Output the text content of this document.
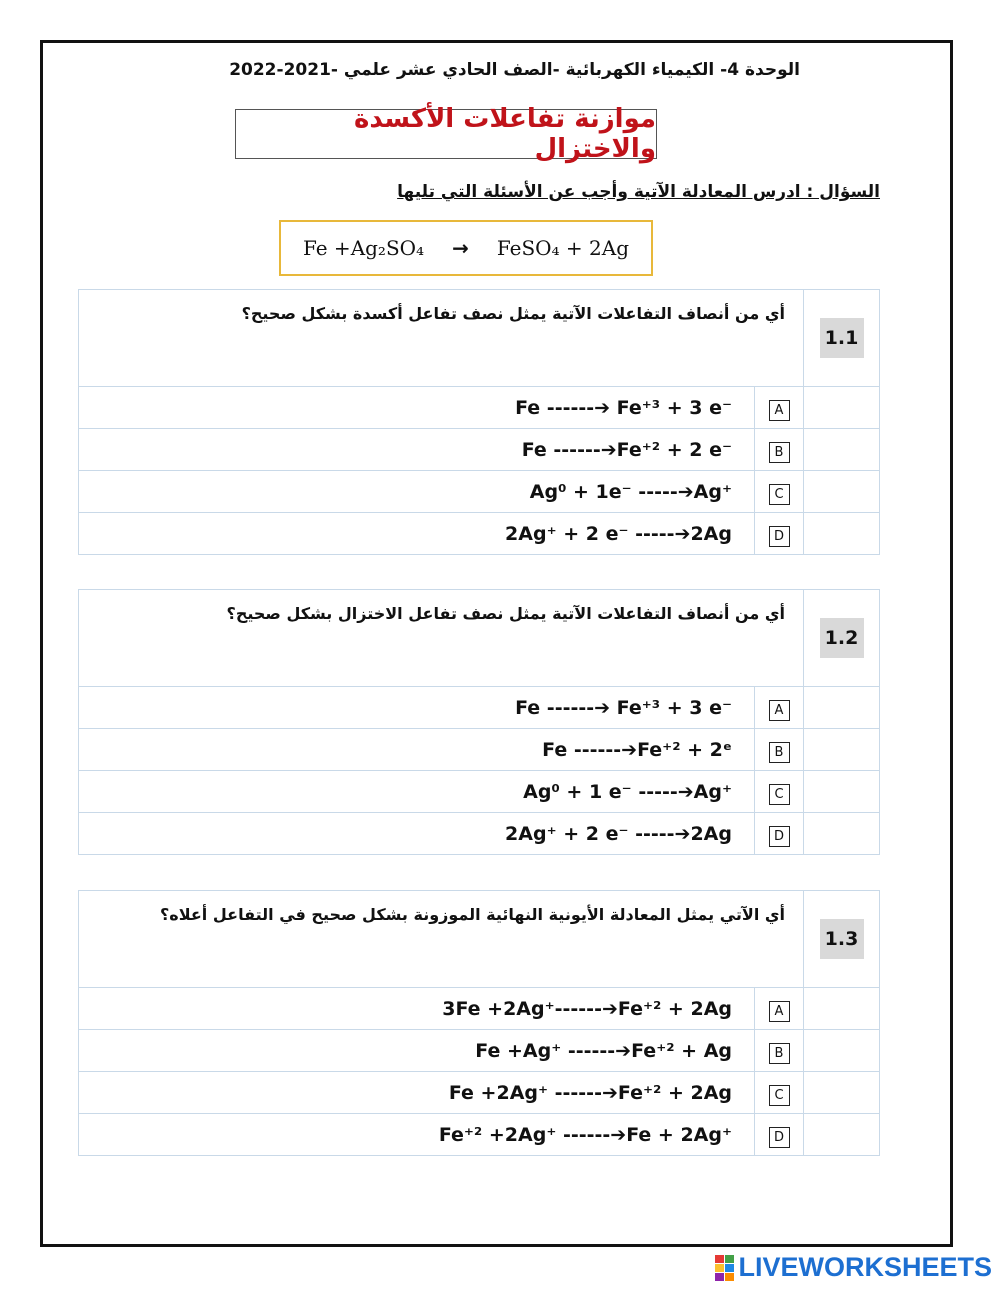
الوحدة 4- الكيمياء الكهربائية -الصف الحادي عشر علمي -2021-2022
موازنة تفاعلات الأكسدة والاختزال
السؤال : ادرس المعادلة الآتية وأجب عن الأسئلة التي تليها
Fe +Ag₂SO₄ → FeSO₄ + 2Ag
أي من أنصاف التفاعلات الآتية يمثل نصف تفاعل أكسدة بشكل صحيح؟		1.1
Fe ------➔ Fe⁺³ + 3 e⁻	A	
Fe ------➔Fe⁺² + 2 e⁻	B	
Ag⁰ + 1e⁻ -----➔Ag⁺	C	
2Ag⁺ + 2 e⁻ -----➔2Ag	D	
أي من أنصاف التفاعلات الآتية يمثل نصف تفاعل الاختزال بشكل صحيح؟		1.2
Fe ------➔ Fe⁺³ + 3 e⁻	A	
Fe ------➔Fe⁺² + 2ᵉ	B	
Ag⁰ + 1 e⁻ -----➔Ag⁺	C	
2Ag⁺ + 2 e⁻ -----➔2Ag	D	
أي الآتي يمثل المعادلة الأيونية النهائية الموزونة بشكل صحيح في التفاعل أعلاه؟		1.3
3Fe +2Ag⁺------➔Fe⁺² + 2Ag	A	
Fe +Ag⁺ ------➔Fe⁺² + Ag	B	
Fe +2Ag⁺ ------➔Fe⁺² + 2Ag	C	
Fe⁺² +2Ag⁺ ------➔Fe + 2Ag⁺	D	
LIVEWORKSHEETS
